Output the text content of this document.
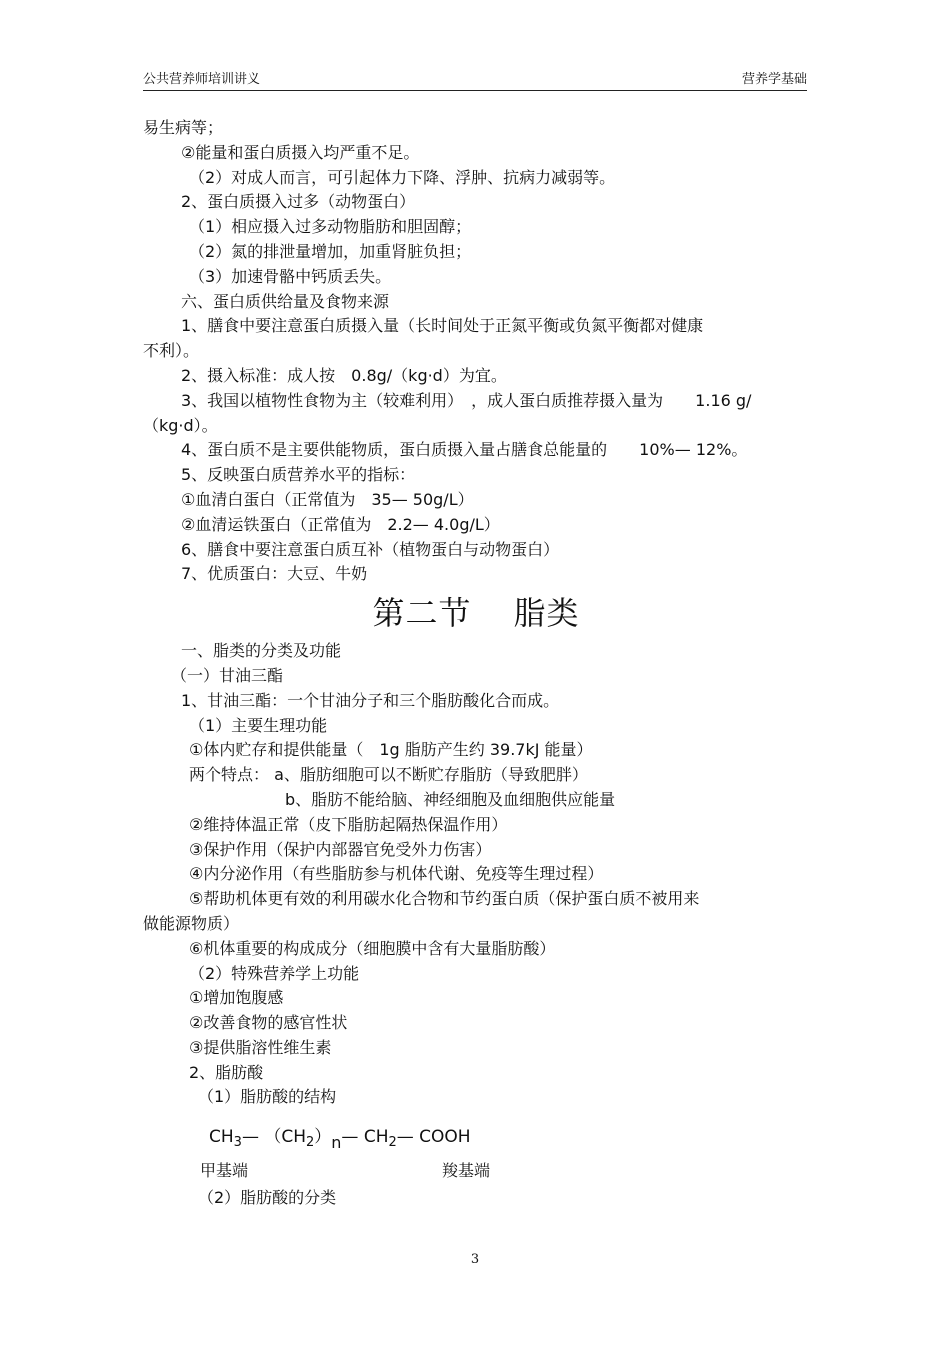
公共营养师培训讲义	营养学基础
易生病等；
②能量和蛋白质摄入均严重不足。
（2）对成人而言，可引起体力下降、浮肿、抗病力减弱等。
2、蛋白质摄入过多（动物蛋白）
（1）相应摄入过多动物脂肪和胆固醇；
（2）氮的排泄量增加，加重肾脏负担；
（3）加速骨骼中钙质丢失。
六、蛋白质供给量及食物来源
1、膳食中要注意蛋白质摄入量（长时间处于正氮平衡或负氮平衡都对健康
不利）。
2、摄入标准：成人按　0.8g/（kg·d）为宜。
3、我国以植物性食物为主（较难利用）　，成人蛋白质推荐摄入量为　　1.16 g/
（kg·d）。
4、蛋白质不是主要供能物质，蛋白质摄入量占膳食总能量的　　10%— 12%。
5、反映蛋白质营养水平的指标：
①血清白蛋白（正常值为　35— 50g/L）
②血清运铁蛋白（正常值为　2.2— 4.0g/L）
6、膳食中要注意蛋白质互补（植物蛋白与动物蛋白）
7、优质蛋白：大豆、牛奶
第二节 脂类
一、脂类的分类及功能
（一）甘油三酯
1、甘油三酯：一个甘油分子和三个脂肪酸化合而成。
（1）主要生理功能
①体内贮存和提供能量（　1g 脂肪产生约 39.7kJ 能量）
两个特点： a、脂肪细胞可以不断贮存脂肪（导致肥胖）
　　　　　　b、脂肪不能给脑、神经细胞及血细胞供应能量
②维持体温正常（皮下脂肪起隔热保温作用）
③保护作用（保护内部器官免受外力伤害）
④内分泌作用（有些脂肪参与机体代谢、免疫等生理过程）
⑤帮助机体更有效的利用碳水化合物和节约蛋白质（保护蛋白质不被用来
做能源物质）
⑥机体重要的构成成分（细胞膜中含有大量脂肪酸）
（2）特殊营养学上功能
①增加饱腹感
②改善食物的感官性状
③提供脂溶性维生素
2、脂肪酸
（1）脂肪酸的结构
$CH_3—$ $(CH_2)n—$ $CH_2—$ COOH
甲基端	羧基端
（2）脂肪酸的分类
3
